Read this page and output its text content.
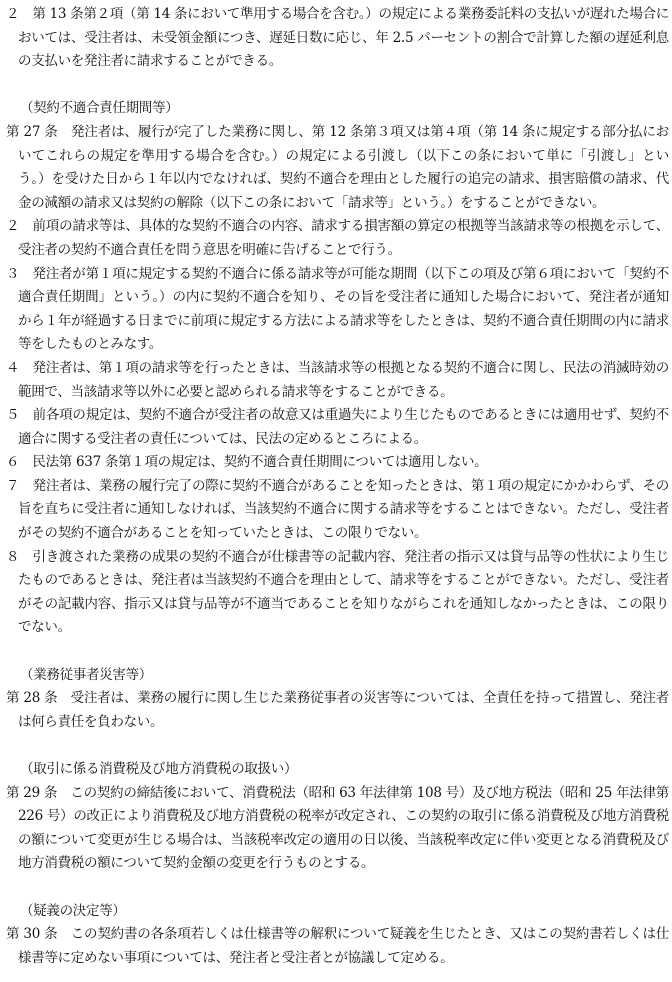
２　第 13 条第２項（第 14 条において準用する場合を含む。）の規定による業務委託料の支払いが遅れた場合においては、受注者は、未受領金額につき、遅延日数に応じ、年 2.5 パーセントの割合で計算した額の遅延利息の支払いを発注者に請求することができる。

（契約不適合責任期間等）

第 27 条　発注者は、履行が完了した業務に関し、第 12 条第３項又は第４項（第 14 条に規定する部分払においてこれらの規定を準用する場合を含む。）の規定による引渡し（以下この条において単に「引渡し」という。）を受けた日から１年以内でなければ、契約不適合を理由とした履行の追完の請求、損害賠償の請求、代金の減額の請求又は契約の解除（以下この条において「請求等」という。）をすることができない。

２　前項の請求等は、具体的な契約不適合の内容、請求する損害額の算定の根拠等当該請求等の根拠を示して、受注者の契約不適合責任を問う意思を明確に告げることで行う。

３　発注者が第１項に規定する契約不適合に係る請求等が可能な期間（以下この項及び第６項において「契約不適合責任期間」という。）の内に契約不適合を知り、その旨を受注者に通知した場合において、発注者が通知から１年が経過する日までに前項に規定する方法による請求等をしたときは、契約不適合責任期間の内に請求等をしたものとみなす。

４　発注者は、第１項の請求等を行ったときは、当該請求等の根拠となる契約不適合に関し、民法の消滅時効の範囲で、当該請求等以外に必要と認められる請求等をすることができる。

５　前各項の規定は、契約不適合が受注者の故意又は重過失により生じたものであるときには適用せず、契約不適合に関する受注者の責任については、民法の定めるところによる。

６　民法第 637 条第１項の規定は、契約不適合責任期間については適用しない。

７　発注者は、業務の履行完了の際に契約不適合があることを知ったときは、第１項の規定にかかわらず、その旨を直ちに受注者に通知しなければ、当該契約不適合に関する請求等をすることはできない。ただし、受注者がその契約不適合があることを知っていたときは、この限りでない。

８　引き渡された業務の成果の契約不適合が仕様書等の記載内容、発注者の指示又は貸与品等の性状により生じたものであるときは、発注者は当該契約不適合を理由として、請求等をすることができない。ただし、受注者がその記載内容、指示又は貸与品等が不適当であることを知りながらこれを通知しなかったときは、この限りでない。

（業務従事者災害等）

第 28 条　受注者は、業務の履行に関し生じた業務従事者の災害等については、全責任を持って措置し、発注者は何ら責任を負わない。

（取引に係る消費税及び地方消費税の取扱い）

第 29 条　この契約の締結後において、消費税法（昭和 63 年法律第 108 号）及び地方税法（昭和 25 年法律第 226 号）の改正により消費税及び地方消費税の税率が改定され、この契約の取引に係る消費税及び地方消費税の額について変更が生じる場合は、当該税率改定の適用の日以後、当該税率改定に伴い変更となる消費税及び地方消費税の額について契約金額の変更を行うものとする。

（疑義の決定等）

第 30 条　この契約書の各条項若しくは仕様書等の解釈について疑義を生じたとき、又はこの契約書若しくは仕様書等に定めない事項については、発注者と受注者とが協議して定める。
